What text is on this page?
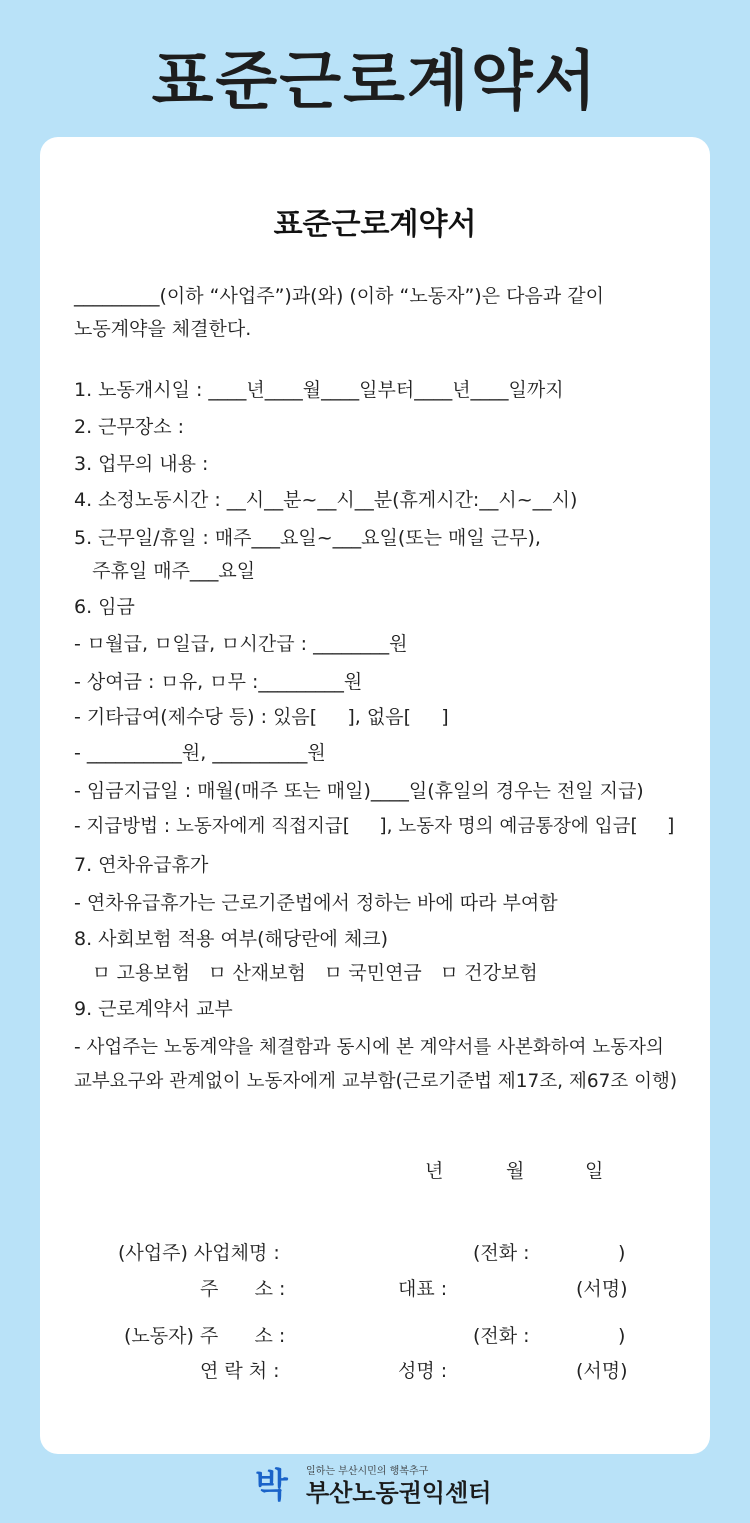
표준근로계약서
표준근로계약서
_________(이하 “사업주”)과(와) (이하 “노동자”)은 다음과 같이
노동계약을 체결한다.
1. 노동개시일 : ____년____월____일부터____년____일까지
2. 근무장소 :
3. 업무의 내용 :
4. 소정노동시간 : __시__분~__시__분(휴게시간:__시~__시)
5. 근무일/휴일 : 매주___요일~___요일(또는 매일 근무),
주휴일 매주___요일
6. 임금
- ㅁ월급, ㅁ일급, ㅁ시간급 : ________원
- 상여금 : ㅁ유, ㅁ무 :_________원
- 기타급여(제수당 등) : 있음[     ], 없음[     ]
- __________원, __________원
- 임금지급일 : 매월(매주 또는 매일)____일(휴일의 경우는 전일 지급)
- 지급방법 : 노동자에게 직접지급[     ], 노동자 명의 예금통장에 입금[     ]
7. 연차유급휴가
- 연차유급휴가는 근로기준법에서 정하는 바에 따라 부여함
8. 사회보험 적용 여부(해당란에 체크)
ㅁ 고용보험   ㅁ 산재보험   ㅁ 국민연금   ㅁ 건강보험
9. 근로계약서 교부
- 사업주는 노동계약을 체결함과 동시에 본 계약서를 사본화하여 노동자의
교부요구와 관계없이 노동자에게 교부함(근로기준법 제17조, 제67조 이행)
년	월	일
(사업주) 사업체명 :	(전화 :	)
주      소 :	대표 :	(서명)
(노동자) 주      소 :	(전화 :	)
연 락 처 :	성명 :	(서명)
박 일하는 부산시민의 행복추구
부산노동권익센터
